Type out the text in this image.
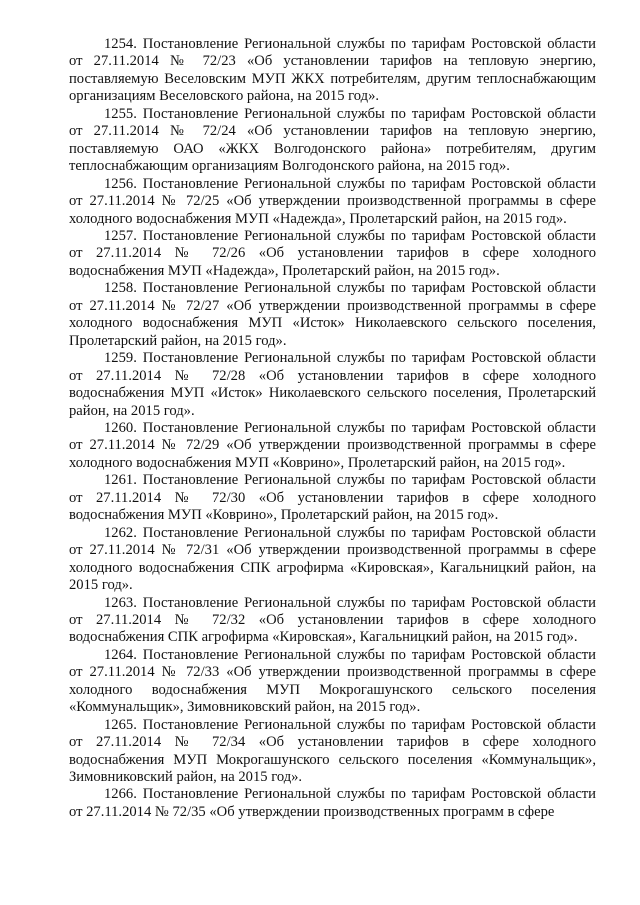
1254. Постановление Региональной службы по тарифам Ростовской области от 27.11.2014 № 72/23 «Об установлении тарифов на тепловую энергию, поставляемую Веселовским МУП ЖКХ потребителям, другим теплоснабжающим организациям Веселовского района, на 2015 год».

1255. Постановление Региональной службы по тарифам Ростовской области от 27.11.2014 № 72/24 «Об установлении тарифов на тепловую энергию, поставляемую ОАО «ЖКХ Волгодонского района» потребителям, другим теплоснабжающим организациям Волгодонского района, на 2015 год».

1256. Постановление Региональной службы по тарифам Ростовской области от 27.11.2014 № 72/25 «Об утверждении производственной программы в сфере холодного водоснабжения МУП «Надежда», Пролетарский район, на 2015 год».

1257. Постановление Региональной службы по тарифам Ростовской области от 27.11.2014 № 72/26 «Об установлении тарифов в сфере холодного водоснабжения МУП «Надежда», Пролетарский район, на 2015 год».

1258. Постановление Региональной службы по тарифам Ростовской области от 27.11.2014 № 72/27 «Об утверждении производственной программы в сфере холодного водоснабжения МУП «Исток» Николаевского сельского поселения, Пролетарский район, на 2015 год».

1259. Постановление Региональной службы по тарифам Ростовской области от 27.11.2014 № 72/28 «Об установлении тарифов в сфере холодного водоснабжения МУП «Исток» Николаевского сельского поселения, Пролетарский район, на 2015 год».

1260. Постановление Региональной службы по тарифам Ростовской области от 27.11.2014 № 72/29 «Об утверждении производственной программы в сфере холодного водоснабжения МУП «Коврино», Пролетарский район, на 2015 год».

1261. Постановление Региональной службы по тарифам Ростовской области от 27.11.2014 № 72/30 «Об установлении тарифов в сфере холодного водоснабжения МУП «Коврино», Пролетарский район, на 2015 год».

1262. Постановление Региональной службы по тарифам Ростовской области от 27.11.2014 № 72/31 «Об утверждении производственной программы в сфере холодного водоснабжения СПК агрофирма «Кировская», Кагальницкий район, на 2015 год».

1263. Постановление Региональной службы по тарифам Ростовской области от 27.11.2014 № 72/32 «Об установлении тарифов в сфере холодного водоснабжения СПК агрофирма «Кировская», Кагальницкий район, на 2015 год».

1264. Постановление Региональной службы по тарифам Ростовской области от 27.11.2014 № 72/33 «Об утверждении производственной программы в сфере холодного водоснабжения МУП Мокрогашунского сельского поселения «Коммунальщик», Зимовниковский район, на 2015 год».

1265. Постановление Региональной службы по тарифам Ростовской области от 27.11.2014 № 72/34 «Об установлении тарифов в сфере холодного водоснабжения МУП Мокрогашунского сельского поселения «Коммунальщик», Зимовниковский район, на 2015 год».

1266. Постановление Региональной службы по тарифам Ростовской области от 27.11.2014 № 72/35 «Об утверждении производственных программ в сфере
